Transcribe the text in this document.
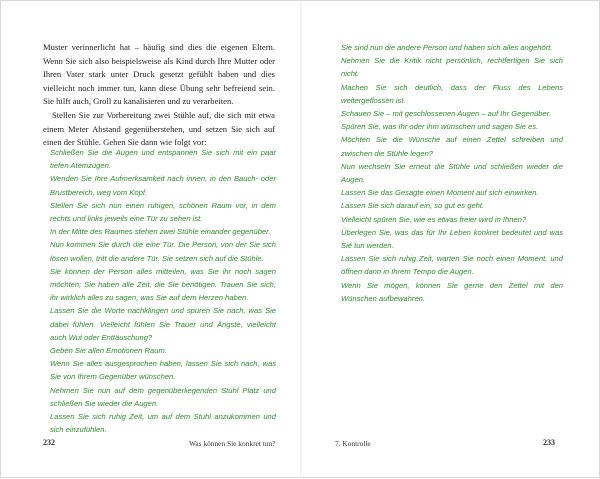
Muster verinnerlicht hat – häufig sind dies die eigenen Eltern. Wenn Sie sich also beispielsweise als Kind durch Ihre Mutter oder Ihren Vater stark unter Druck gesetzt gefühlt haben und dies vielleicht noch immer tun, kann diese Übung sehr befreiend sein. Sie hilft auch, Groll zu kanalisieren und zu verarbeiten.

Stellen Sie zur Vorbereitung zwei Stühle auf, die sich mit etwa einem Meter Abstand gegenüberstehen, und setzen Sie sich auf einen der Stühle. Gehen Sie dann wie folgt vor:

Schließen Sie die Augen und entspannen Sie sich mit ein paar tiefen Atemzügen.

Wenden Sie Ihre Aufmerksamkeit nach innen, in den Bauch- oder Brustbereich, weg vom Kopf.

Stellen Sie sich nun einen ruhigen, schönen Raum vor, in dem rechts und links jeweils eine Tür zu sehen ist.

In der Mitte des Raumes stehen zwei Stühle einander gegenüber.

Nun kommen Sie durch die eine Tür. Die Person, von der Sie sich lösen wollen, tritt die andere Tür. Sie setzen sich auf die Stühle.

Sie können der Person alles mitteilen, was Sie ihr noch sagen möchten; Sie haben alle Zeit, die Sie benötigen. Trauen Sie sich, ihr wirklich alles zu sagen, was Sie auf dem Herzen haben.

Lassen Sie die Worte nachklingen und spüren Sie nach, was Sie dabei fühlen. Vielleicht fühlen Sie Trauer und Ängste, vielleicht auch Wut oder Enttäuschung?

Geben Sie allen Emotionen Raum.

Wenn Sie alles ausgesprochen haben, lassen Sie sich nach, was Sie von Ihrem Gegenüber wünschen.

Nehmen Sie nun auf dem gegenüberliegenden Stuhl Platz und schließen Sie wieder die Augen.

Lassen Sie sich ruhig Zeit, um auf dem Stuhl anzukommen und sich einzufühlen.

232	Was können Sie konkret tun?	7. Kontrolle	233

Sie sind nun die andere Person und haben sich alles angehört.

Nehmen Sie die Kritik nicht persönlich, rechtfertigen Sie sich nicht.

Machen Sie sich deutlich, dass der Fluss des Lebens weitergeflossen ist.

Schauen Sie – mit geschlossenen Augen – auf Ihr Gegenüber.

Spüren Sie, was Ihr oder ihm wünschen und sagen Sie es.

Möchten Sie die Wünsche auf einen Zettel schreiben und zwischen die Stühle legen?

Nun wechseln Sie erneut die Stühle und schließen wieder die Augen.

Lassen Sie das Gesagte einen Moment auf sich einwirken.

Lassen Sie sich darauf ein, so gut es geht.

Vielleicht spüren Sie, wie es etwas freier wird in Ihnen?

Überlegen Sie, was das für Ihr Leben konkret bedeutet und was Sie tun werden.

Lassen Sie sich ruhig Zeit, warten Sie noch einen Moment, und öffnen dann in Ihrem Tempo die Augen.

Wenn Sie mögen, können Sie gerne den Zettel mit den Wünschen aufbewahren.
